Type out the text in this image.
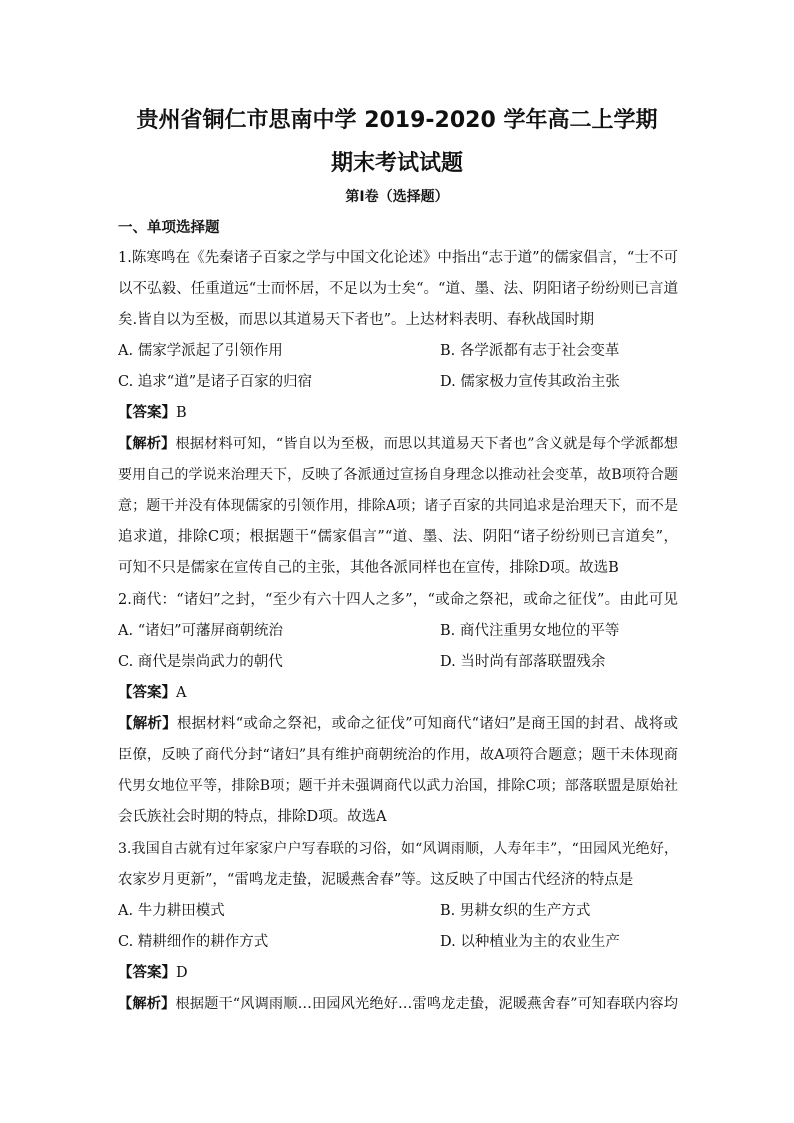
贵州省铜仁市思南中学 2019-2020 学年高二上学期
期末考试试题
第Ⅰ卷（选择题）
一、单项选择题
1.陈寒鸣在《先秦诸子百家之学与中国文化论述》中指出“志于道”的儒家倡言，“士不可
以不弘毅、任重道远“士而怀居，不足以为士矣“。“道、墨、法、阴阳诸子纷纷则已言道
矣.皆自以为至极，而思以其道易天下者也”。上达材料表明、春秋战国时期
A. 儒家学派起了引领作用	B. 各学派都有志于社会变革
C. 追求“道”是诸子百家的归宿	D. 儒家极力宣传其政治主张
【答案】B
【解析】根据材料可知，“皆自以为至极，而思以其道易天下者也”含义就是每个学派都想
要用自己的学说来治理天下，反映了各派通过宣扬自身理念以推动社会变革，故B项符合题
意；题干并没有体现儒家的引领作用，排除A项；诸子百家的共同追求是治理天下，而不是
追求道，排除C项；根据题干“儒家倡言”“道、墨、法、阴阳“诸子纷纷则已言道矣”，
可知不只是儒家在宣传自己的主张，其他各派同样也在宣传，排除D项。故选B
2.商代：“诸妇”之封，“至少有六十四人之多”，“或命之祭祀，或命之征伐”。由此可见
A. “诸妇”可藩屏商朝统治	B. 商代注重男女地位的平等
C. 商代是崇尚武力的朝代	D. 当时尚有部落联盟残余
【答案】A
【解析】根据材料“或命之祭祀，或命之征伐”可知商代“诸妇”是商王国的封君、战将或
臣僚，反映了商代分封“诸妇”具有维护商朝统治的作用，故A项符合题意；题干未体现商
代男女地位平等，排除B项；题干并未强调商代以武力治国，排除C项；部落联盟是原始社
会氏族社会时期的特点，排除D项。故选A
3.我国自古就有过年家家户户写春联的习俗，如“风调雨顺，人寿年丰”，“田园风光绝好，
农家岁月更新”，“雷鸣龙走蛰，泥暖燕舍春”等。这反映了中国古代经济的特点是
A. 牛力耕田模式	B. 男耕女织的生产方式
C. 精耕细作的耕作方式	D. 以种植业为主的农业生产
【答案】D
【解析】根据题干“风调雨顺…田园风光绝好…雷鸣龙走蛰，泥暖燕舍春”可知春联内容均
